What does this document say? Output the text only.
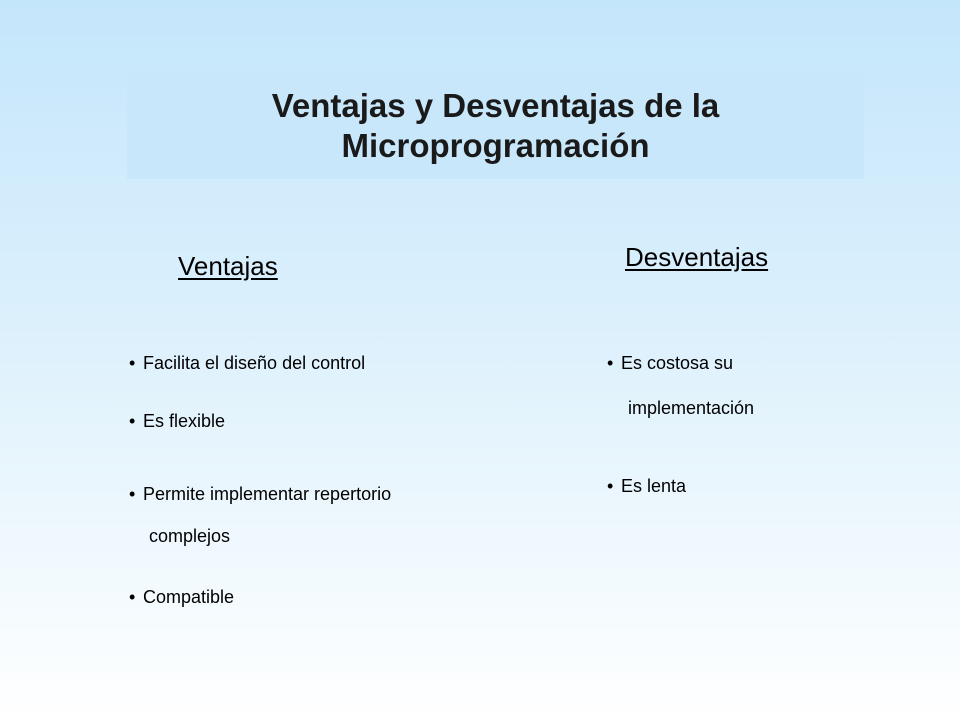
Ventajas y Desventajas de la
Microprogramación
Ventajas	Desventajas
• Facilita el diseño del control
• Es flexible
• Permite implementar repertorio
complejos
• Compatible
• Es costosa su
implementación
• Es lenta
